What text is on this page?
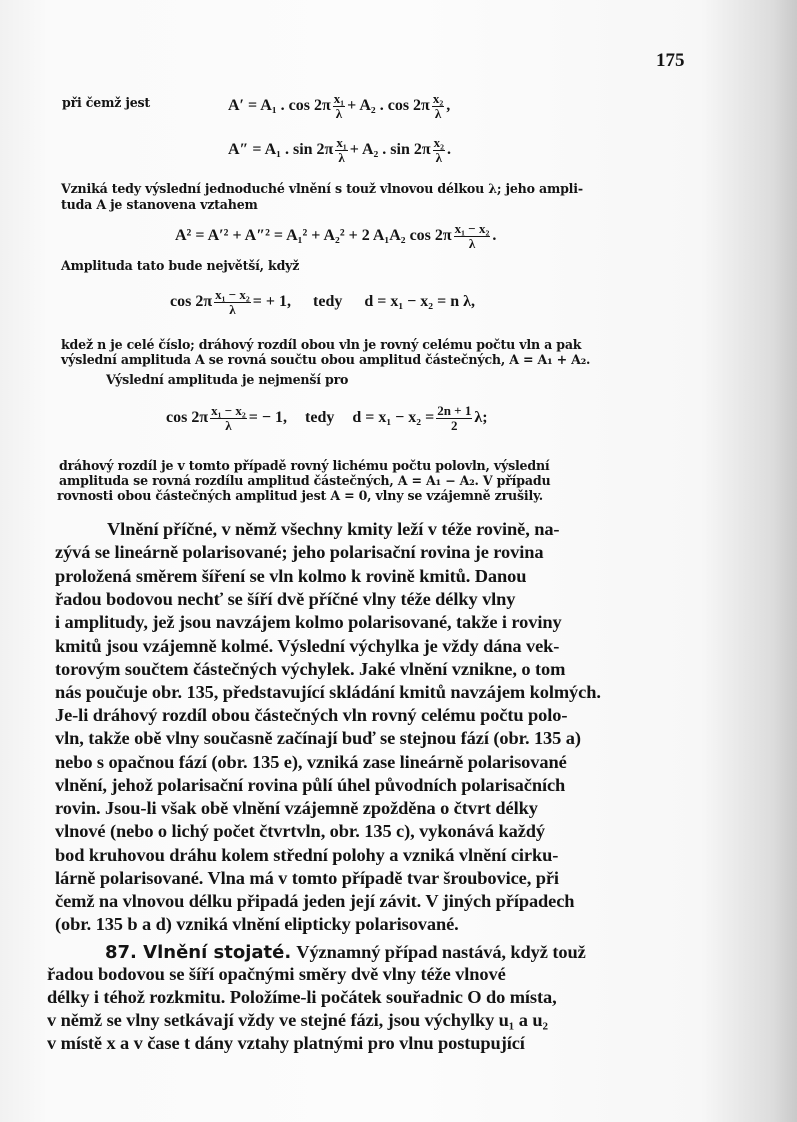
175
při čemž jest	A′ = A₁ . $\cos 2\pi \frac{\text{x₁}}{\lambda} + A_2$ . $\cos 2\pi \frac{\text{x₂}}{\lambda}$ ,
A″ = A₁ . $\sin 2\pi \frac{\text{x₁}}{\lambda} + A_2$ . $\sin 2\pi \frac{\text{x₂}}{\lambda}$ .
Vzniká tedy výslední jednoduché vlnění s touž vlnovou délkou λ; jeho ampli-
tuda A je stanovena vztahem
A² = A′² + A″² = A₁² + A₂² + 2 A₁A₂ $\cos 2\pi \frac{\text{x₁ − x₂}}{\lambda}$ .
Amplituda tato bude největší, když
$\cos 2\pi \frac{\text{x₁ − x₂}}{\lambda}$ = + 1, tedy d = x₁ − x₂ = n λ,
kdež n je celé číslo; dráhový rozdíl obou vln je rovný celému počtu vln a pak
výslední amplituda A se rovná součtu obou amplitud částečných, A = A₁ + A₂.
Výslední amplituda je nejmenší pro
$\cos 2\pi \frac{\text{x₁ − x₂}}{\lambda}$ = − 1, tedy $d = x_1 - x_2 = \frac{2n + 1}{2} \lambda$;
dráhový rozdíl je v tomto případě rovný lichému počtu polovln, výslední
amplituda se rovná rozdílu amplitud částečných, A = A₁ − A₂. V případu
rovnosti obou částečných amplitud jest A = 0, vlny se vzájemně zrušily.
Vlnění příčné, v němž všechny kmity leží v téže rovině, na-
zývá se lineárně polarisované; jeho polarisační rovina je rovina
proložená směrem šíření se vln kolmo k rovině kmitů. Danou
řadou bodovou nechť se šíří dvě příčné vlny téže délky vlny
i amplitudy, jež jsou navzájem kolmo polarisované, takže i roviny
kmitů jsou vzájemně kolmé. Výslední výchylka je vždy dána vek-
torovým součtem částečných výchylek. Jaké vlnění vznikne, o tom
nás poučuje obr. 135, představující skládání kmitů navzájem kolmých.
Je-li dráhový rozdíl obou částečných vln rovný celému počtu polo-
vln, takže obě vlny současně začínají buď se stejnou fází (obr. 135 a)
nebo s opačnou fází (obr. 135 e), vzniká zase lineárně polarisované
vlnění, jehož polarisační rovina půlí úhel původních polarisačních
rovin. Jsou-li však obě vlnění vzájemně zpožděna o čtvrt délky
vlnové (nebo o lichý počet čtvrtvln, obr. 135 c), vykonává každý
bod kruhovou dráhu kolem střední polohy a vzniká vlnění cirku-
lárně polarisované. Vlna má v tomto případě tvar šroubovice, při
čemž na vlnovou délku připadá jeden její závit. V jiných případech
(obr. 135 b a d) vzniká vlnění elipticky polarisované.
87. Vlnění stojaté. Významný případ nastává, když touž
řadou bodovou se šíří opačnými směry dvě vlny téže vlnové
délky i téhož rozkmitu. Položíme-li počátek souřadnic O do místa,
v němž se vlny setkávají vždy ve stejné fázi, jsou výchylky u₁ a u₂
v místě x a v čase t dány vztahy platnými pro vlnu postupující
